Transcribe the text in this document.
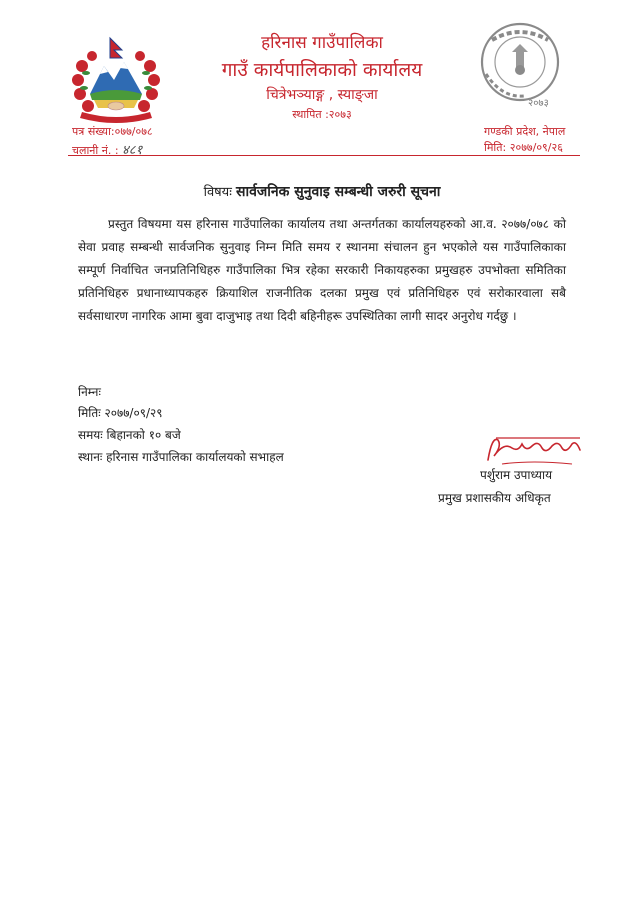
२०७३
हरिनास गाउँपालिका
गाउँ कार्यपालिकाको कार्यालय
चित्रेभञ्याङ्ग , स्याङ्जा
स्थापित :२०७३
पत्र संख्या:०७७/०७८
चलानी नं. : ४८१
गण्डकी प्रदेश, नेपाल
मिति: २०७७/०९/२६
विषयः सार्वजनिक सुनुवाइ सम्बन्धी जरुरी सूचना
प्रस्तुत विषयमा यस हरिनास गाउँपालिका कार्यालय तथा अन्तर्गतका कार्यालयहरुको आ.व. २०७७/०७८ को सेवा प्रवाह सम्बन्धी सार्वजनिक सुनुवाइ निम्न मिति समय र स्थानमा संचालन हुन भएकोले यस गाउँपालिकाका सम्पूर्ण निर्वाचित जनप्रतिनिधिहरु गाउँपालिका भित्र रहेका सरकारी निकायहरुका प्रमुखहरु उपभोक्ता समितिका प्रतिनिधिहरु प्रधानाध्यापकहरु क्रियाशिल राजनीतिक दलका प्रमुख एवं प्रतिनिधिहरु एवं सरोकारवाला सबै सर्वसाधारण नागरिक आमा बुवा दाजुभाइ तथा दिदी बहिनीहरू उपस्थितिका लागी सादर अनुरोध गर्दछु ।
निम्नः
मितिः २०७७/०९/२९
समयः बिहानको १० बजे
स्थानः हरिनास गाउँपालिका कार्यालयको सभाहल
पर्शुराम उपाध्याय
प्रमुख प्रशासकीय अधिकृत
